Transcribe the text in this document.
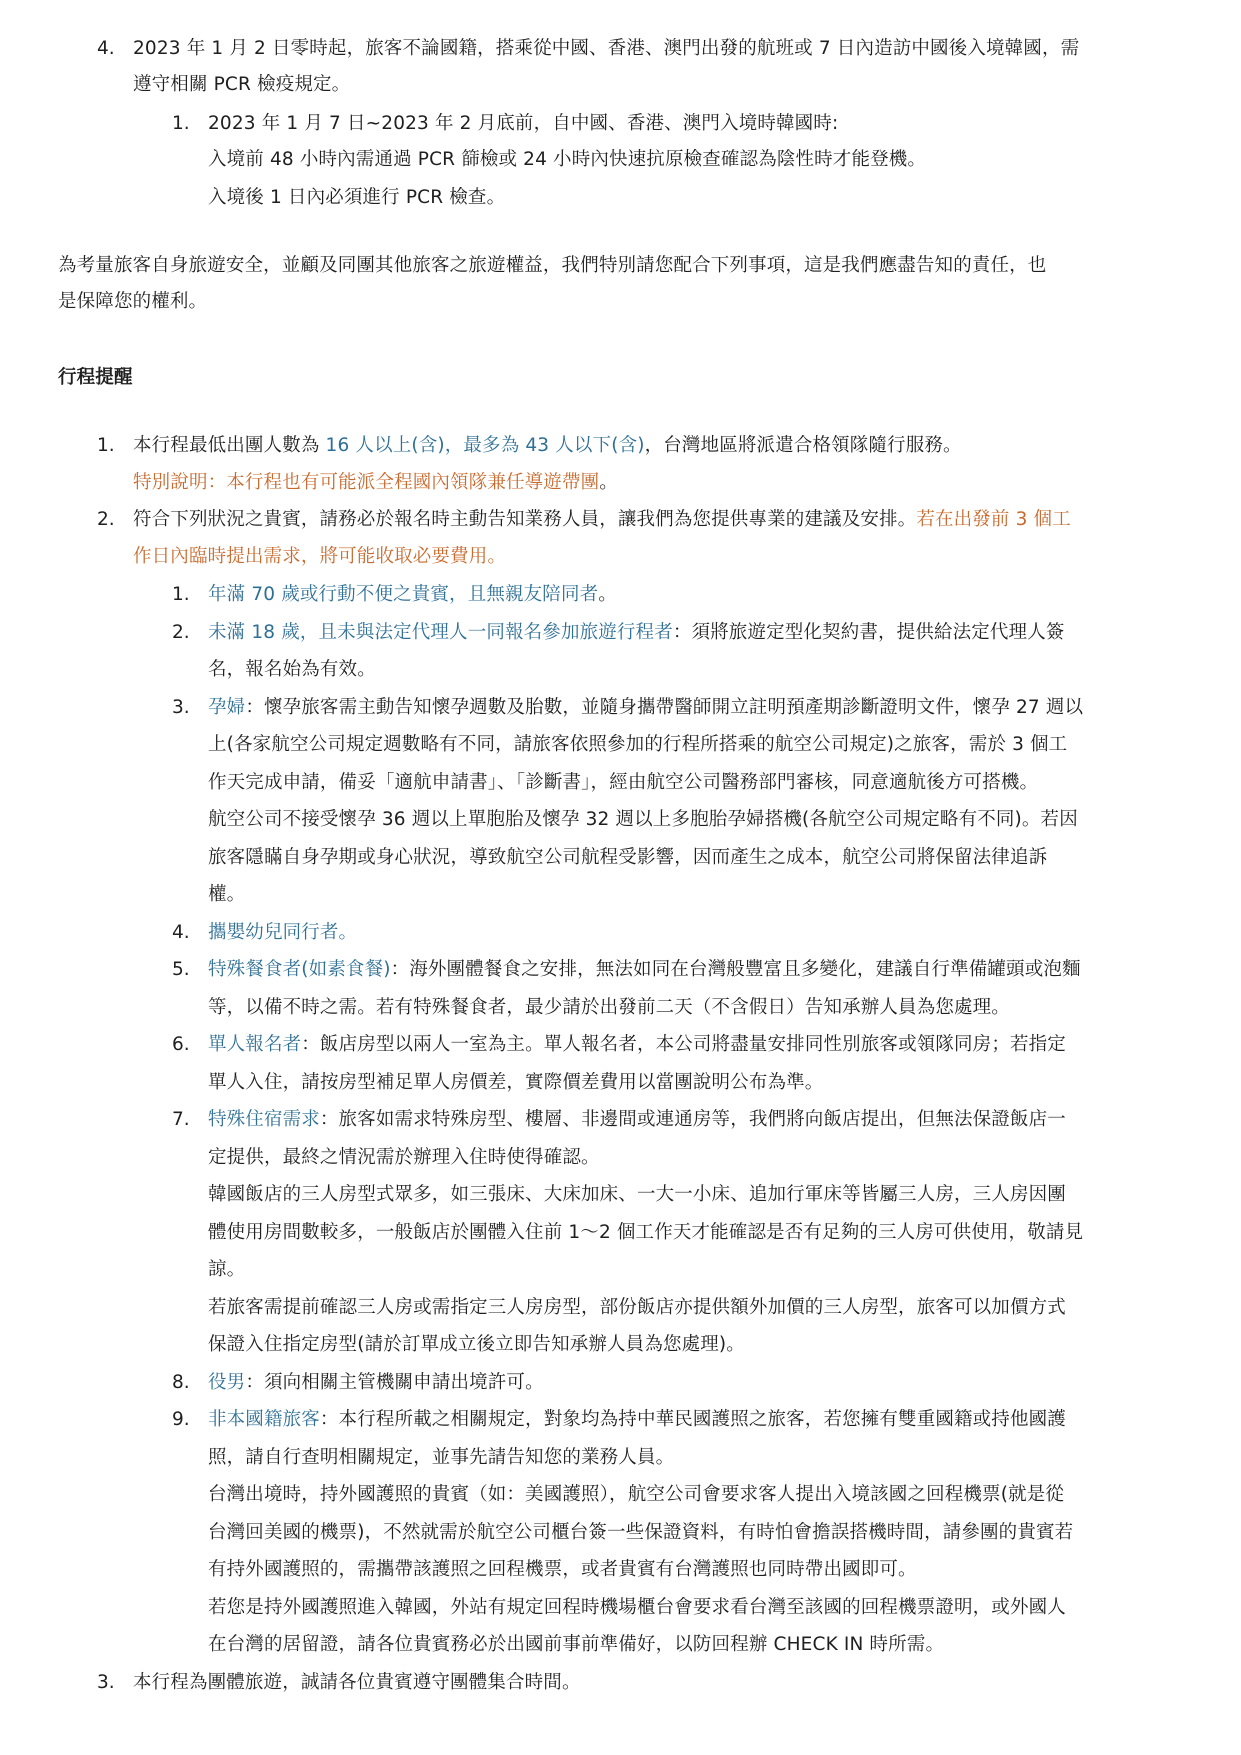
4. 2023 年 1 月 2 日零時起，旅客不論國籍，搭乘從中國、香港、澳門出發的航班或 7 日內造訪中國後入境韓國，需

遵守相關 PCR 檢疫規定。

1. 2023 年 1 月 7 日~2023 年 2 月底前，自中國、香港、澳門入境時韓國時:

入境前 48 小時內需通過 PCR 篩檢或 24 小時內快速抗原檢查確認為陰性時才能登機。

入境後 1 日內必須進行 PCR 檢查。

為考量旅客自身旅遊安全，並顧及同團其他旅客之旅遊權益，我們特別請您配合下列事項，這是我們應盡告知的責任，也

是保障您的權利。

行程提醒
1. 本行程最低出團人數為 16 人以上(含)，最多為 43 人以下(含)，台灣地區將派遣合格領隊隨行服務。

特別說明：本行程也有可能派全程國內領隊兼任導遊帶團。

2. 符合下列狀況之貴賓，請務必於報名時主動告知業務人員，讓我們為您提供專業的建議及安排。若在出發前 3 個工

作日內臨時提出需求，將可能收取必要費用。

1. 年滿 70 歲或行動不便之貴賓，且無親友陪同者。

2. 未滿 18 歲，且未與法定代理人一同報名參加旅遊行程者：須將旅遊定型化契約書，提供給法定代理人簽

名，報名始為有效。

3. 孕婦：懷孕旅客需主動告知懷孕週數及胎數，並隨身攜帶醫師開立註明預產期診斷證明文件，懷孕 27 週以

上(各家航空公司規定週數略有不同，請旅客依照參加的行程所搭乘的航空公司規定)之旅客，需於 3 個工

作天完成申請，備妥「適航申請書」、「診斷書」，經由航空公司醫務部門審核，同意適航後方可搭機。

航空公司不接受懷孕 36 週以上單胞胎及懷孕 32 週以上多胞胎孕婦搭機(各航空公司規定略有不同)。若因

旅客隱瞞自身孕期或身心狀況，導致航空公司航程受影響，因而產生之成本，航空公司將保留法律追訴

權。

4. 攜嬰幼兒同行者。

5. 特殊餐食者(如素食餐)：海外團體餐食之安排，無法如同在台灣般豐富且多變化，建議自行準備罐頭或泡麵

等，以備不時之需。若有特殊餐食者，最少請於出發前二天（不含假日）告知承辦人員為您處理。

6. 單人報名者：飯店房型以兩人一室為主。單人報名者，本公司將盡量安排同性別旅客或領隊同房；若指定

單人入住，請按房型補足單人房價差，實際價差費用以當團說明公布為準。

7. 特殊住宿需求：旅客如需求特殊房型、樓層、非邊間或連通房等，我們將向飯店提出，但無法保證飯店一

定提供，最終之情況需於辦理入住時使得確認。

韓國飯店的三人房型式眾多，如三張床、大床加床、一大一小床、追加行軍床等皆屬三人房，三人房因團

體使用房間數較多，一般飯店於團體入住前 1～2 個工作天才能確認是否有足夠的三人房可供使用，敬請見

諒。

若旅客需提前確認三人房或需指定三人房房型，部份飯店亦提供額外加價的三人房型，旅客可以加價方式

保證入住指定房型(請於訂單成立後立即告知承辦人員為您處理)。

8. 役男：須向相關主管機關申請出境許可。

9. 非本國籍旅客：本行程所載之相關規定，對象均為持中華民國護照之旅客，若您擁有雙重國籍或持他國護

照，請自行查明相關規定，並事先請告知您的業務人員。

台灣出境時，持外國護照的貴賓（如：美國護照），航空公司會要求客人提出入境該國之回程機票(就是從

台灣回美國的機票)，不然就需於航空公司櫃台簽一些保證資料，有時怕會擔誤搭機時間，請參團的貴賓若

有持外國護照的，需攜帶該護照之回程機票，或者貴賓有台灣護照也同時帶出國即可。

若您是持外國護照進入韓國，外站有規定回程時機場櫃台會要求看台灣至該國的回程機票證明，或外國人

在台灣的居留證，請各位貴賓務必於出國前事前準備好，以防回程辦 CHECK IN 時所需。

3. 本行程為團體旅遊，誠請各位貴賓遵守團體集合時間。
